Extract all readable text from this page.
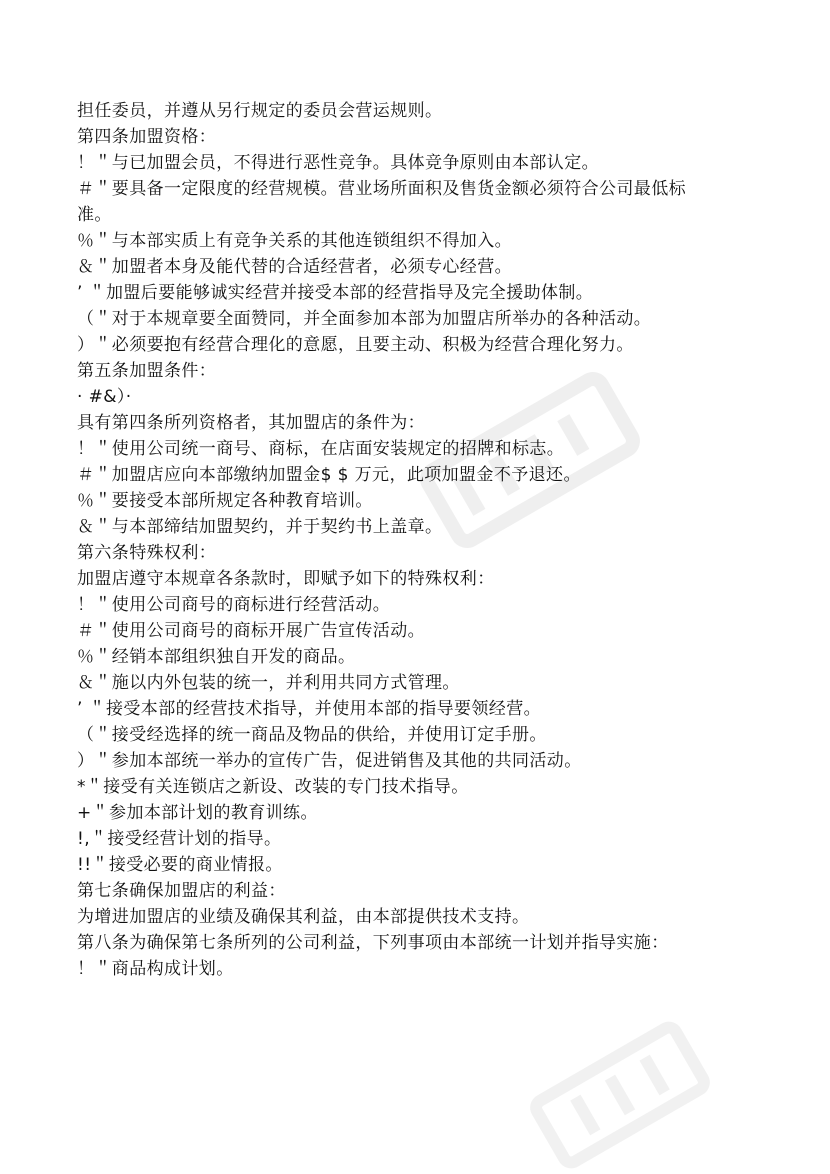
担任委员，并遵从另行规定的委员会营运规则。
第四条加盟资格：
！＂与已加盟会员，不得进行恶性竞争。具体竞争原则由本部认定。
＃＂要具备一定限度的经营规模。营业场所面积及售货金额必须符合公司最低标
准。
％＂与本部实质上有竞争关系的其他连锁组织不得加入。
＆＂加盟者本身及能代替的合适经营者，必须专心经营。
’ ＂加盟后要能够诚实经营并接受本部的经营指导及完全援助体制。
（＂对于本规章要全面赞同，并全面参加本部为加盟店所举办的各种活动。
）＂必须要抱有经营合理化的意愿，且要主动、积极为经营合理化努力。
第五条加盟条件：
· #&）·
具有第四条所列资格者，其加盟店的条件为：
！＂使用公司统一商号、商标，在店面安装规定的招牌和标志。
＃＂加盟店应向本部缴纳加盟金$ $ 万元，此项加盟金不予退还。
％＂要接受本部所规定各种教育培训。
＆＂与本部缔结加盟契约，并于契约书上盖章。
第六条特殊权利：
加盟店遵守本规章各条款时，即赋予如下的特殊权利：
！＂使用公司商号的商标进行经营活动。
＃＂使用公司商号的商标开展广告宣传活动。
％＂经销本部组织独自开发的商品。
＆＂施以内外包装的统一，并利用共同方式管理。
’ ＂接受本部的经营技术指导，并使用本部的指导要领经营。
（＂接受经选择的统一商品及物品的供给，并使用订定手册。
）＂参加本部统一举办的宣传广告，促进销售及其他的共同活动。
*＂接受有关连锁店之新设、改装的专门技术指导。
+＂参加本部计划的教育训练。
!,＂接受经营计划的指导。
!!＂接受必要的商业情报。
第七条确保加盟店的利益：
为增进加盟店的业绩及确保其利益，由本部提供技术支持。
第八条为确保第七条所列的公司利益，下列事项由本部统一计划并指导实施：
！＂商品构成计划。
